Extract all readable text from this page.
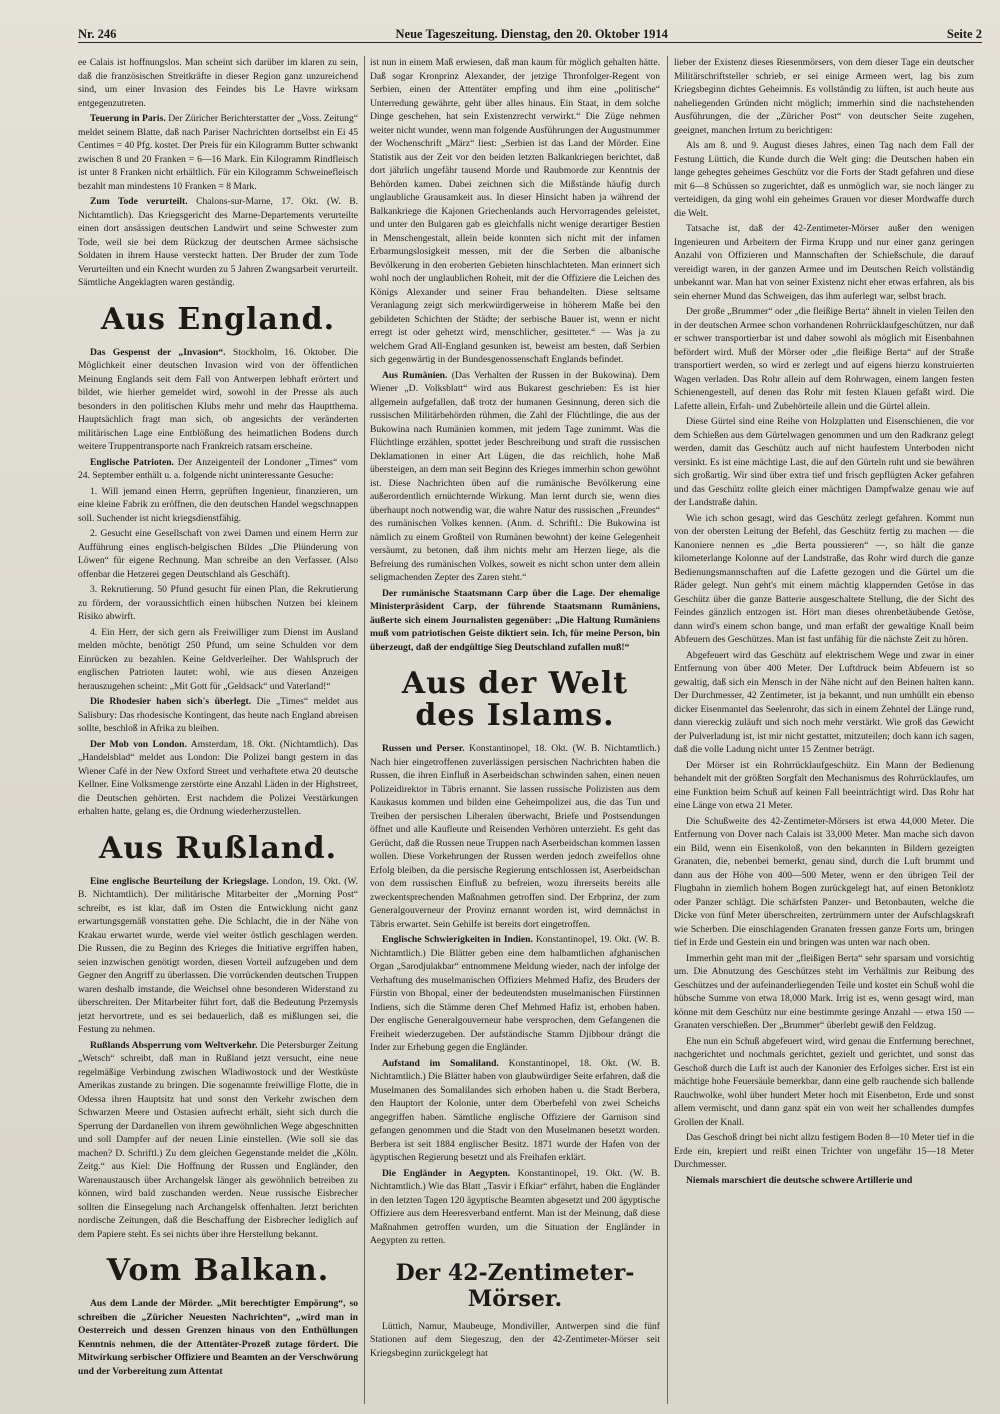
Nr. 246	Neue Tageszeitung. Dienstag, den 20. Oktober 1914	Seite 2

ee Calais ist hoffnungslos. Man scheint sich darüber im klaren zu sein, daß die französischen Streitkräfte in dieser Region ganz unzureichend sind, um einer Invasion des Feindes bis Le Havre wirksam entgegenzutreten.

Teuerung in Paris. Der Züricher Berichterstatter der „Voss. Zeitung“ meldet seinem Blatte, daß nach Pariser Nachrichten dortselbst ein Ei 45 Centimes = 40 Pfg. kostet. Der Preis für ein Kilogramm Butter schwankt zwischen 8 und 20 Franken = 6—16 Mark. Ein Kilogramm Rindfleisch ist unter 8 Franken nicht erhältlich. Für ein Kilogramm Schweinefleisch bezahlt man mindestens 10 Franken = 8 Mark.

Zum Tode verurteilt. Chalons-sur-Marne, 17. Okt. (W. B. Nichtamtlich). Das Kriegsgericht des Marne-Departements verurteilte einen dort ansässigen deutschen Landwirt und seine Schwester zum Tode, weil sie bei dem Rückzug der deutschen Armee sächsische Soldaten in ihrem Hause versteckt hatten. Der Bruder der zum Tode Verurteilten und ein Knecht wurden zu 5 Jahren Zwangsarbeit verurteilt. Sämtliche Angeklagten waren geständig.

Aus England.

Das Gespenst der „Invasion“. Stockholm, 16. Oktober. Die Möglichkeit einer deutschen Invasion wird von der öffentlichen Meinung Englands seit dem Fall von Antwerpen lebhaft erörtert und bildet, wie hierher gemeldet wird, sowohl in der Presse als auch besonders in den politischen Klubs mehr und mehr das Hauptthema. Hauptsächlich fragt man sich, ob angesichts der veränderten militärischen Lage eine Entblößung des heimatlichen Bodens durch weitere Truppentransporte nach Frankreich ratsam erscheine.

Englische Patrioten. Der Anzeigenteil der Londoner „Times“ vom 24. September enthält u. a. folgende nicht uninteressante Gesuche:

1. Will jemand einen Herrn, geprüften Ingenieur, finanzieren, um eine kleine Fabrik zu eröffnen, die den deutschen Handel wegschnappen soll. Suchender ist nicht kriegsdienstfähig.

2. Gesucht eine Gesellschaft von zwei Damen und einem Herrn zur Aufführung eines englisch-belgischen Bildes „Die Plünderung von Löwen“ für eigene Rechnung. Man schreibe an den Verfasser. (Also offenbar die Hetzerei gegen Deutschland als Geschäft).

3. Rekrutierung. 50 Pfund gesucht für einen Plan, die Rekrutierung zu fördern, der voraussichtlich einen hübschen Nutzen bei kleinem Risiko abwirft.

4. Ein Herr, der sich gern als Freiwilliger zum Dienst im Ausland melden möchte, benötigt 250 Pfund, um seine Schulden vor dem Einrücken zu bezahlen. Keine Geldverleiher. Der Wahlspruch der englischen Patrioten lautet: wohl, wie aus diesen Anzeigen herauszugehen scheint: „Mit Gott für „Geldsack“ und Vaterland!“

Die Rhodesier haben sich's überlegt. Die „Times“ meldet aus Salisbury: Das rhodesische Kontingent, das heute nach England abreisen sollte, beschloß in Afrika zu bleiben.

Der Mob von London. Amsterdam, 18. Okt. (Nichtamtlich). Das „Handelsblad“ meldet aus London: Die Polizei bangt gestern in das Wiener Café in der New Oxford Street und verhaftete etwa 20 deutsche Kellner. Eine Volksmenge zerstörte eine Anzahl Läden in der Highstreet, die Deutschen gehörten. Erst nachdem die Polizei Verstärkungen erhalten hatte, gelang es, die Ordnung wiederherzustellen.

Aus Rußland.

Eine englische Beurteilung der Kriegslage. London, 19. Okt. (W. B. Nichtamtlich). Der militärische Mitarbeiter der „Morning Post“ schreibt, es ist klar, daß im Osten die Entwicklung nicht ganz erwartungsgemäß vonstatten gehe. Die Schlacht, die in der Nähe von Krakau erwartet wurde, werde viel weiter östlich geschlagen werden. Die Russen, die zu Beginn des Krieges die Initiative ergriffen haben, seien inzwischen genötigt worden, diesen Vorteil aufzugeben und dem Gegner den Angriff zu überlassen. Die vorrückenden deutschen Truppen waren deshalb imstande, die Weichsel ohne besonderen Widerstand zu überschreiten. Der Mitarbeiter führt fort, daß die Bedeutung Przemysls jetzt hervortrete, und es sei bedauerlich, daß es mißlungen sei, die Festung zu nehmen.

Rußlands Absperrung vom Weltverkehr. Die Petersburger Zeitung „Wetsch“ schreibt, daß man in Rußland jetzt versucht, eine neue regelmäßige Verbindung zwischen Wladiwostock und der Westküste Amerikas zustande zu bringen. Die sogenannte freiwillige Flotte, die in Odessa ihren Hauptsitz hat und sonst den Verkehr zwischen dem Schwarzen Meere und Ostasien aufrecht erhält, sieht sich durch die Sperrung der Dardanellen von ihrem gewöhnlichen Wege abgeschnitten und soll Dampfer auf der neuen Linie einstellen. (Wie soll sie das machen? D. Schriftl.) Zu dem gleichen Gegenstande meldet die „Köln. Zeitg.“ aus Kiel: Die Hoffnung der Russen und Engländer, den Warenaustausch über Archangelsk länger als gewöhnlich betreiben zu können, wird bald zuschanden werden. Neue russische Eisbrecher sollten die Einsegelung nach Archangelsk offenhalten. Jetzt berichten nordische Zeitungen, daß die Beschaffung der Eisbrecher lediglich auf dem Papiere steht. Es sei nichts über ihre Herstellung bekannt.

Vom Balkan.

Aus dem Lande der Mörder. „Mit berechtigter Empörung“, so schreiben die „Züricher Neuesten Nachrichten“, „wird man in Oesterreich und dessen Grenzen hinaus von den Enthüllungen Kenntnis nehmen, die der Attentäter-Prozeß zutage fördert. Die Mitwirkung serbischer Offiziere und Beamten an der Verschwörung und der Vorbereitung zum Attentat

ist nun in einem Maß erwiesen, daß man kaum für möglich gehalten hätte. Daß sogar Kronprinz Alexander, der jetzige Thronfolger-Regent von Serbien, einen der Attentäter empfing und ihm eine „politische“ Unterredung gewährte, geht über alles hinaus. Ein Staat, in dem solche Dinge geschehen, hat sein Existenzrecht verwirkt.“ Die Züge nehmen weiter nicht wunder, wenn man folgende Ausführungen der Augustnummer der Wochenschrift „März“ liest: „Serbien ist das Land der Mörder. Eine Statistik aus der Zeit vor den beiden letzten Balkankriegen berichtet, daß dort jährlich ungefähr tausend Morde und Raubmorde zur Kenntnis der Behörden kamen. Dabei zeichnen sich die Mißstände häufig durch unglaubliche Grausamkeit aus. In dieser Hinsicht haben ja während der Balkankriege die Kajonen Griechenlands auch Hervorragendes geleistet, und unter den Bulgaren gab es gleichfalls nicht wenige derartiger Bestien in Menschengestalt, allein beide konnten sich nicht mit der infamen Erbarmungslosigkeit messen, mit der die Serben die albanische Bevölkerung in den eroberten Gebieten hinschlachteten. Man erinnert sich wohl noch der unglaublichen Roheit, mit der die Offiziere die Leichen des Königs Alexander und seiner Frau behandelten. Diese seltsame Veranlagung zeigt sich merkwürdigerweise in höherem Maße bei den gebildeten Schichten der Städte; der serbische Bauer ist, wenn er nicht erregt ist oder gehetzt wird, menschlicher, gesitteter.“ — Was ja zu welchem Grad All-England gesunken ist, beweist am besten, daß Serbien sich gegenwärtig in der Bundesgenossenschaft Englands befindet.

Aus Rumänien. (Das Verhalten der Russen in der Bukowina). Dem Wiener „D. Volksblatt“ wird aus Bukarest geschrieben: Es ist hier allgemein aufgefallen, daß trotz der humanen Gesinnung, deren sich die russischen Militärbehörden rühmen, die Zahl der Flüchtlinge, die aus der Bukowina nach Rumänien kommen, mit jedem Tage zunimmt. Was die Flüchtlinge erzählen, spottet jeder Beschreibung und straft die russischen Deklamationen in einer Art Lügen, die das reichlich, hohe Maß übersteigen, an dem man seit Beginn des Krieges immerhin schon gewöhnt ist. Diese Nachrichten üben auf die rumänische Bevölkerung eine außerordentlich ernüchternde Wirkung. Man lernt durch sie, wenn dies überhaupt noch notwendig war, die wahre Natur des russischen „Freundes“ des rumänischen Volkes kennen. (Anm. d. Schriftl.: Die Bukowina ist nämlich zu einem Großteil von Rumänen bewohnt) der keine Gelegenheit versäumt, zu betonen, daß ihm nichts mehr am Herzen liege, als die Befreiung des rumänischen Volkes, soweit es nicht schon unter dem allein seligmachenden Zepter des Zaren steht.“

Der rumänische Staatsmann Carp über die Lage. Der ehemalige Ministerpräsident Carp, der führende Staatsmann Rumäniens, äußerte sich einem Journalisten gegenüber: „Die Haltung Rumäniens muß vom patriotischen Geiste diktiert sein. Ich, für meine Person, bin überzeugt, daß der endgültige Sieg Deutschland zufallen muß!“

Aus der Welt des Islams.

Russen und Perser. Konstantinopel, 18. Okt. (W. B. Nichtamtlich.) Nach hier eingetroffenen zuverlässigen persischen Nachrichten haben die Russen, die ihren Einfluß in Aserbeidschan schwinden sahen, einen neuen Polizeidirektor in Täbris ernannt. Sie lassen russische Polizisten aus dem Kaukasus kommen und bilden eine Geheimpolizei aus, die das Tun und Treiben der persischen Liberalen überwacht, Briefe und Postsendungen öffnet und alle Kaufleute und Reisenden Verhören unterzieht. Es geht das Gerücht, daß die Russen neue Truppen nach Aserbeidschan kommen lassen wollen. Diese Vorkehrungen der Russen werden jedoch zweifellos ohne Erfolg bleiben, da die persische Regierung entschlossen ist, Aserbeidschan von dem russischen Einfluß zu befreien, wozu ihrerseits bereits alle zweckentsprechenden Maßnahmen getroffen sind. Der Erbprinz, der zum Generalgouverneur der Provinz ernannt worden ist, wird demnächst in Täbris erwartet. Sein Gehilfe ist bereits dort eingetroffen.

Englische Schwierigkeiten in Indien. Konstantinopel, 19. Okt. (W. B. Nichtamtlich.) Die Blätter geben eine dem halbamtlichen afghanischen Organ „Sarodjulakbar“ entnommene Meldung wieder, nach der infolge der Verhaftung des muselmanischen Offiziers Mehmed Hafiz, des Bruders der Fürstin von Bhopal, einer der bedeutendsten muselmanischen Fürstinnen Indiens, sich die Stämme deren Chef Mehmed Hafiz ist, erhoben haben. Der englische Generalgouverneur habe versprochen, dem Gefangenen die Freiheit wiederzugeben. Der aufständische Stamm Djibbour drängt die Inder zur Erhebung gegen die Engländer.

Aufstand im Somaliland. Konstantinopel, 18. Okt. (W. B. Nichtamtlich.) Die Blätter haben von glaubwürdiger Seite erfahren, daß die Muselmanen des Somalilandes sich erhoben haben u. die Stadt Berbera, den Hauptort der Kolonie, unter dem Oberbefehl von zwei Scheichs angegriffen haben. Sämtliche englische Offiziere der Garnison sind gefangen genommen und die Stadt von den Muselmanen besetzt worden. Berbera ist seit 1884 englischer Besitz. 1871 wurde der Hafen von der ägyptischen Regierung besetzt und als Freihafen erklärt.

Die Engländer in Aegypten. Konstantinopel, 19. Okt. (W. B. Nichtamtlich.) Wie das Blatt „Tasvir i Efkiar“ erfährt, haben die Engländer in den letzten Tagen 120 ägyptische Beamten abgesetzt und 200 ägyptische Offiziere aus dem Heeresverband entfernt. Man ist der Meinung, daß diese Maßnahmen getroffen wurden, um die Situation der Engländer in Aegypten zu retten.

Der 42-Zentimeter-Mörser.

Lüttich, Namur, Maubeuge, Mondiviller, Antwerpen sind die fünf Stationen auf dem Siegeszug, den der 42-Zentimeter-Mörser seit Kriegsbeginn zurückgelegt hat

lieber der Existenz dieses Riesenmörsers, von dem dieser Tage ein deutscher Militärschriftsteller schrieb, er sei einige Armeen wert, lag bis zum Kriegsbeginn dichtes Geheimnis. Es vollständig zu lüften, ist auch heute aus naheliegenden Gründen nicht möglich; immerhin sind die nachstehenden Ausführungen, die der „Züricher Post“ von deutscher Seite zugehen, geeignet, manchen Irrtum zu berichtigen:

Als am 8. und 9. August dieses Jahres, einen Tag nach dem Fall der Festung Lüttich, die Kunde durch die Welt ging: die Deutschen haben ein lange gehegtes geheimes Geschütz vor die Forts der Stadt gefahren und diese mit 6—8 Schüssen so zugerichtet, daß es unmöglich war, sie noch länger zu verteidigen, da ging wohl ein geheimes Grauen vor dieser Mordwaffe durch die Welt.

Tatsache ist, daß der 42-Zentimeter-Mörser außer den wenigen Ingenieuren und Arbeitern der Firma Krupp und nur einer ganz geringen Anzahl von Offizieren und Mannschaften der Schießschule, die darauf vereidigt waren, in der ganzen Armee und im Deutschen Reich vollständig unbekannt war. Man hat von seiner Existenz nicht eher etwas erfahren, als bis sein eherner Mund das Schweigen, das ihm auferlegt war, selbst brach.

Der große „Brummer“ oder „die fleißige Berta“ ähnelt in vielen Teilen den in der deutschen Armee schon vorhandenen Rohrrücklaufgeschützen, nur daß er schwer transportierbar ist und daher sowohl als möglich mit Eisenbahnen befördert wird. Muß der Mörser oder „die fleißige Berta“ auf der Straße transportiert werden, so wird er zerlegt und auf eigens hierzu konstruierten Wagen verladen. Das Rohr allein auf dem Rohrwagen, einem langen festen Schienengestell, auf denen das Rohr mit festen Klauen gefaßt wird. Die Lafette allein, Erfah- und Zubehörteile allein und die Gürtel allein.

Diese Gürtel sind eine Reihe von Holzplatten und Eisenschienen, die vor dem Schießen aus dem Gürtelwagen genommen und um den Radkranz gelegt werden, damit das Geschütz auch auf nicht haufestem Unterboden nicht versinkt. Es ist eine mächtige Last, die auf den Gürteln ruht und sie bewähren sich großartig. Wir sind über extra tief und frisch gepflügten Acker gefahren und das Geschütz rollte gleich einer mächtigen Dampfwalze genau wie auf der Landstraße dahin.

Wie ich schon gesagt, wird das Geschütz zerlegt gefahren. Kommt nun von der obersten Leitung der Befehl, das Geschütz fertig zu machen — die Kanoniere nennen es „die Berta poussieren“ —, so hält die ganze kilometerlange Kolonne auf der Landstraße, das Rohr wird durch die ganze Bedienungsmannschaften auf die Lafette gezogen und die Gürtel um die Räder gelegt. Nun geht's mit einem mächtig klappernden Getöse in das Geschütz über die ganze Batterie ausgeschaltete Stellung, die der Sicht des Feindes gänzlich entzogen ist. Hört man dieses ohrenbetäubende Getöse, dann wird's einem schon bange, und man erfaßt der gewaltige Knall beim Abfeuern des Geschützes. Man ist fast unfähig für die nächste Zeit zu hören.

Abgefeuert wird das Geschütz auf elektrischem Wege und zwar in einer Entfernung von über 400 Meter. Der Luftdruck beim Abfeuern ist so gewaltig, daß sich ein Mensch in der Nähe nicht auf den Beinen halten kann. Der Durchmesser, 42 Zentimeter, ist ja bekannt, und nun umhüllt ein ebenso dicker Eisenmantel das Seelenrohr, das sich in einem Zehntel der Länge rund, dann viereckig zuläuft und sich noch mehr verstärkt. Wie groß das Gewicht der Pulverladung ist, ist mir nicht gestattet, mitzuteilen; doch kann ich sagen, daß die volle Ladung nicht unter 15 Zentner beträgt.

Der Mörser ist ein Rohrrücklaufgeschütz. Ein Mann der Bedienung behandelt mit der größten Sorgfalt den Mechanismus des Rohrrücklaufes, um eine Funktion beim Schuß auf keinen Fall beeinträchtigt wird. Das Rohr hat eine Länge von etwa 21 Meter.

Die Schußweite des 42-Zentimeter-Mörsers ist etwa 44,000 Meter. Die Entfernung von Dover nach Calais ist 33,000 Meter. Man mache sich davon ein Bild, wenn ein Eisenkoloß, von den bekannten in Bildern gezeigten Granaten, die, nebenbei bemerkt, genau sind, durch die Luft brummt und dann aus der Höhe von 400—500 Meter, wenn er den übrigen Teil der Flugbahn in ziemlich hohem Bogen zurückgelegt hat, auf einen Betonklotz oder Panzer schlägt. Die schärfsten Panzer- und Betonbauten, welche die Dicke von fünf Meter überschreiten, zertrümmern unter der Aufschlagskraft wie Scherben. Die einschlagenden Granaten fressen ganze Forts um, bringen tief in Erde und Gestein ein und bringen was unten war nach oben.

Immerhin geht man mit der „fleißigen Berta“ sehr sparsam und vorsichtig um. Die Abnutzung des Geschützes steht im Verhältnis zur Reibung des Geschützes und der aufeinanderliegenden Teile und kostet ein Schuß wohl die hübsche Summe von etwa 18,000 Mark. Irrig ist es, wenn gesagt wird, man könne mit dem Geschütz nur eine bestimmte geringe Anzahl — etwa 150 — Granaten verschießen. Der „Brummer“ überlebt gewiß den Feldzug.

Ehe nun ein Schuß abgefeuert wird, wird genau die Entfernung berechnet, nachgerichtet und nochmals gerichtet, gezielt und gerichtet, und sonst das Geschoß durch die Luft ist auch der Kanonier des Erfolges sicher. Erst ist ein mächtige hohe Feuersäule bemerkbar, dann eine gelb rauchende sich ballende Rauchwolke, wohl über hundert Meter hoch mit Eisenbeton, Erde und sonst allem vermischt, und dann ganz spät ein von weit her schallendes dumpfes Grollen der Knall.

Das Geschoß dringt bei nicht allzu festigem Boden 8—10 Meter tief in die Erde ein, krepiert und reißt einen Trichter von ungefähr 15—18 Meter Durchmesser.

Niemals marschiert die deutsche schwere Artillerie und
